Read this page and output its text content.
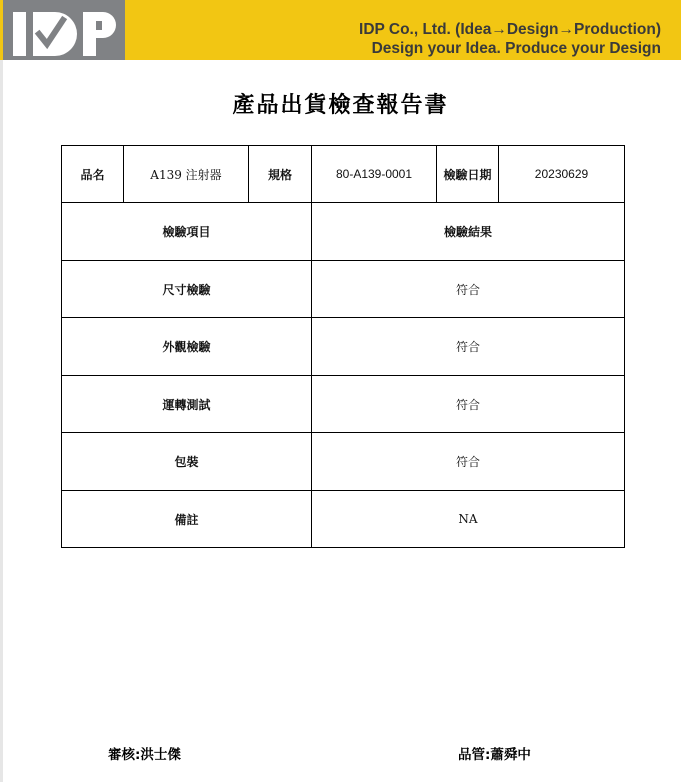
IDP Co., Ltd. (Idea→Design→Production)
Design your Idea. Produce your Design
產品出貨檢查報告書
品名	A139 注射器	規格	80-A139-0001	檢驗日期	20230629
檢驗項目			檢驗結果		
尺寸檢驗			符合		
外觀檢驗			符合		
運轉測試			符合		
包裝			符合		
備註			NA		
審核:洪士傑	品管:蕭舜中
